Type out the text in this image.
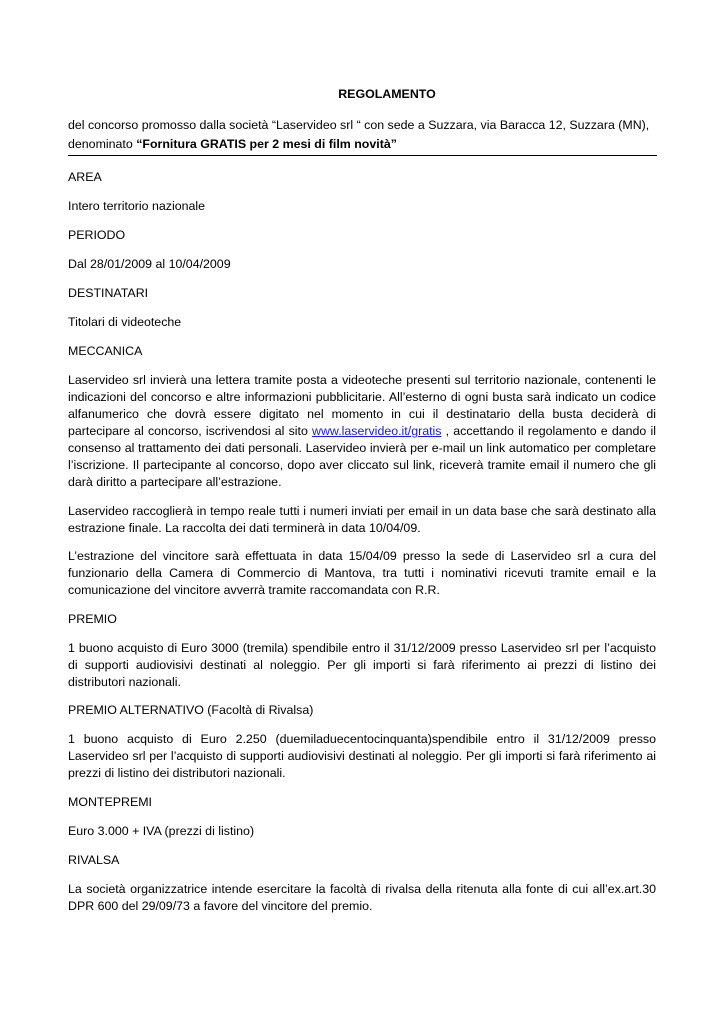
REGOLAMENTO
del concorso promosso dalla società “Laservideo srl “ con sede a Suzzara, via Baracca 12, Suzzara (MN),
denominato “Fornitura GRATIS per 2 mesi di film novità”

AREA

Intero territorio nazionale

PERIODO

Dal 28/01/2009 al 10/04/2009

DESTINATARI

Titolari di videoteche

MECCANICA

Laservideo srl invierà una lettera tramite posta a videoteche presenti sul territorio nazionale, contenenti le indicazioni del concorso e altre informazioni pubblicitarie. All’esterno di ogni busta sarà indicato un codice alfanumerico che dovrà essere digitato nel momento in cui il destinatario della busta deciderà di partecipare al concorso, iscrivendosi al sito www.laservideo.it/gratis , accettando il regolamento e dando il consenso al trattamento dei dati personali. Laservideo invierà per e-mail un link automatico per completare l’iscrizione. Il partecipante al concorso, dopo aver cliccato sul link, riceverà tramite email il numero che gli darà diritto a partecipare all’estrazione.

Laservideo raccoglierà in tempo reale tutti i numeri inviati per email in un data base che sarà destinato alla estrazione finale. La raccolta dei dati terminerà in data 10/04/09.

L’estrazione del vincitore sarà effettuata in data 15/04/09 presso la sede di Laservideo srl a cura del funzionario della Camera di Commercio di Mantova, tra tutti i nominativi ricevuti tramite email e la comunicazione del vincitore avverrà tramite raccomandata con R.R.

PREMIO

1 buono acquisto di Euro 3000 (tremila) spendibile entro il 31/12/2009 presso Laservideo srl per l’acquisto di supporti audiovisivi destinati al noleggio. Per gli importi si farà riferimento ai prezzi di listino dei distributori nazionali.

PREMIO ALTERNATIVO (Facoltà di Rivalsa)

1 buono acquisto di Euro 2.250 (duemiladuecentocinquanta)spendibile entro il 31/12/2009 presso Laservideo srl per l’acquisto di supporti audiovisivi destinati al noleggio. Per gli importi si farà riferimento ai prezzi di listino dei distributori nazionali.

MONTEPREMI

Euro 3.000 + IVA (prezzi di listino)

RIVALSA

La società organizzatrice intende esercitare la facoltà di rivalsa della ritenuta alla fonte di cui all’ex.art.30 DPR 600 del 29/09/73 a favore del vincitore del premio.
